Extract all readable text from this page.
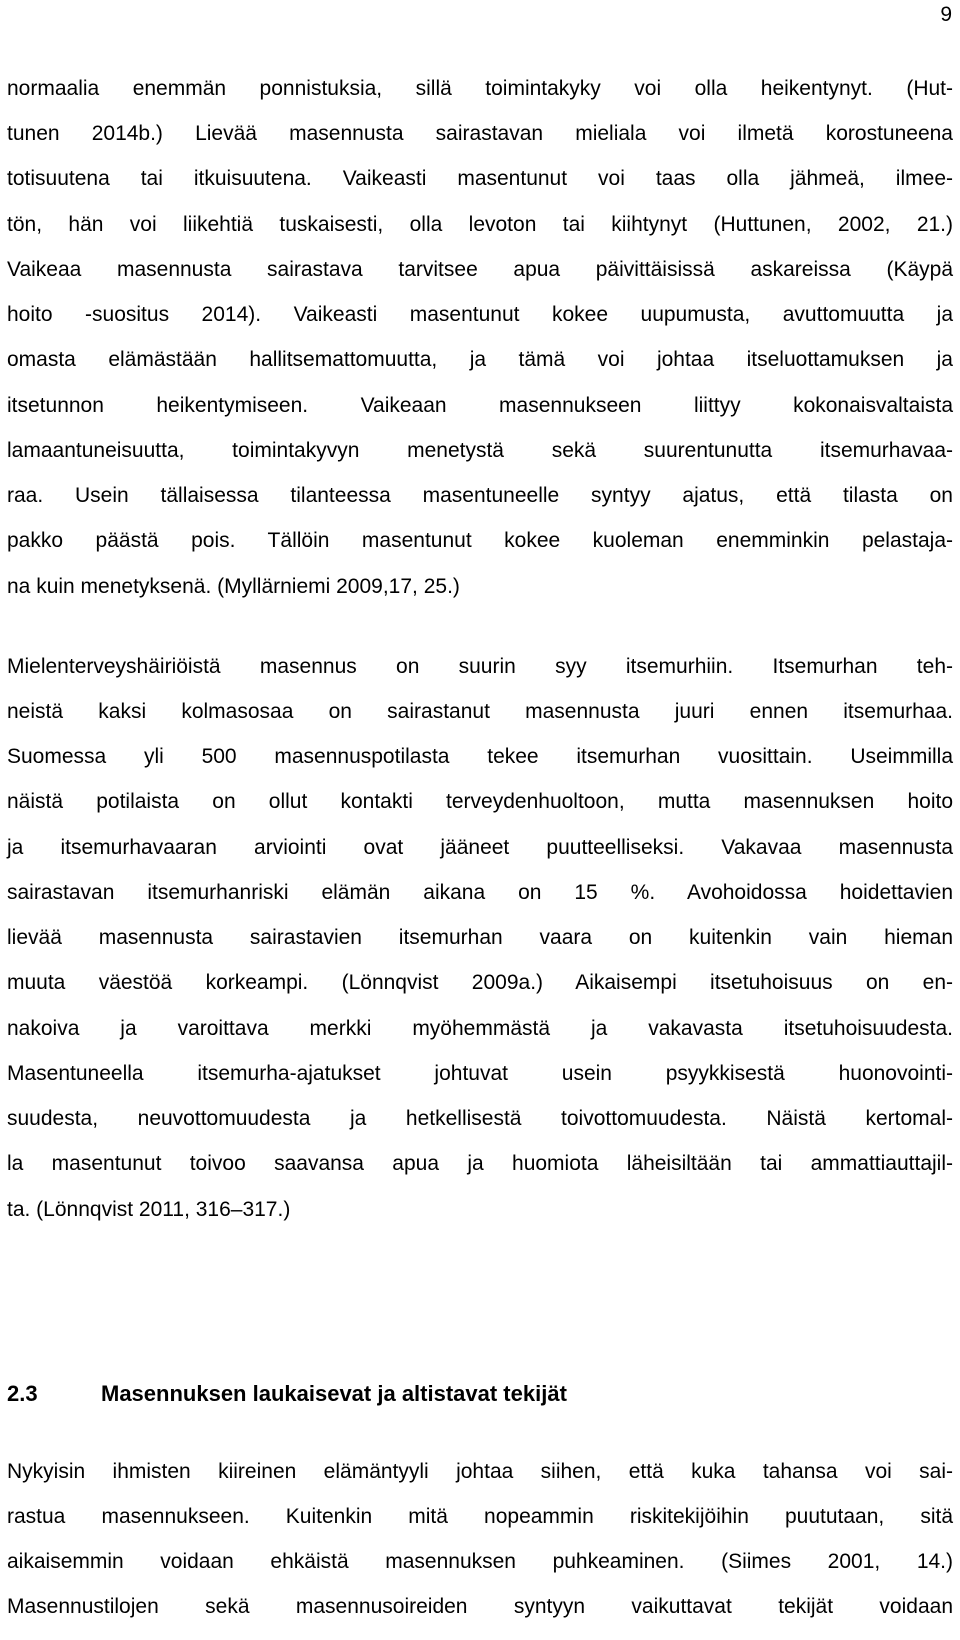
9
normaalia enemmän ponnistuksia, sillä toimintakyky voi olla heikentynyt. (Hut-
tunen 2014b.) Lievää masennusta sairastavan mieliala voi ilmetä korostuneena
totisuutena tai itkuisuutena. Vaikeasti masentunut voi taas olla jähmeä, ilmee-
tön, hän voi liikehtiä tuskaisesti, olla levoton tai kiihtynyt (Huttunen, 2002, 21.)
Vaikeaa masennusta sairastava tarvitsee apua päivittäisissä askareissa (Käypä
hoito -suositus 2014). Vaikeasti masentunut kokee uupumusta, avuttomuutta ja
omasta elämästään hallitsemattomuutta, ja tämä voi johtaa itseluottamuksen ja
itsetunnon heikentymiseen. Vaikeaan masennukseen liittyy kokonaisvaltaista
lamaantuneisuutta, toimintakyvyn menetystä sekä suurentunutta itsemurhavaa-
raa. Usein tällaisessa tilanteessa masentuneelle syntyy ajatus, että tilasta on
pakko päästä pois. Tällöin masentunut kokee kuoleman enemminkin pelastaja-
na kuin menetyksenä. (Myllärniemi 2009,17, 25.)
Mielenterveyshäiriöistä masennus on suurin syy itsemurhiin. Itsemurhan teh-
neistä kaksi kolmasosaa on sairastanut masennusta juuri ennen itsemurhaa.
Suomessa yli 500 masennuspotilasta tekee itsemurhan vuosittain. Useimmilla
näistä potilaista on ollut kontakti terveydenhuoltoon, mutta masennuksen hoito
ja itsemurhavaaran arviointi ovat jääneet puutteelliseksi. Vakavaa masennusta
sairastavan itsemurhanriski elämän aikana on 15 %. Avohoidossa hoidettavien
lievää masennusta sairastavien itsemurhan vaara on kuitenkin vain hieman
muuta väestöä korkeampi. (Lönnqvist 2009a.) Aikaisempi itsetuhoisuus on en-
nakoiva ja varoittava merkki myöhemmästä ja vakavasta itsetuhoisuudesta.
Masentuneella itsemurha-ajatukset johtuvat usein psyykkisestä huonovointi-
suudesta, neuvottomuudesta ja hetkellisestä toivottomuudesta. Näistä kertomal-
la masentunut toivoo saavansa apua ja huomiota läheisiltään tai ammattiauttajil-
ta. (Lönnqvist 2011, 316–317.)
2.3	Masennuksen laukaisevat ja altistavat tekijät
Nykyisin ihmisten kiireinen elämäntyyli johtaa siihen, että kuka tahansa voi sai-
rastua masennukseen. Kuitenkin mitä nopeammin riskitekijöihin puututaan, sitä
aikaisemmin voidaan ehkäistä masennuksen puhkeaminen. (Siimes 2001, 14.)
Masennustilojen sekä masennusoireiden syntyyn vaikuttavat tekijät voidaan
